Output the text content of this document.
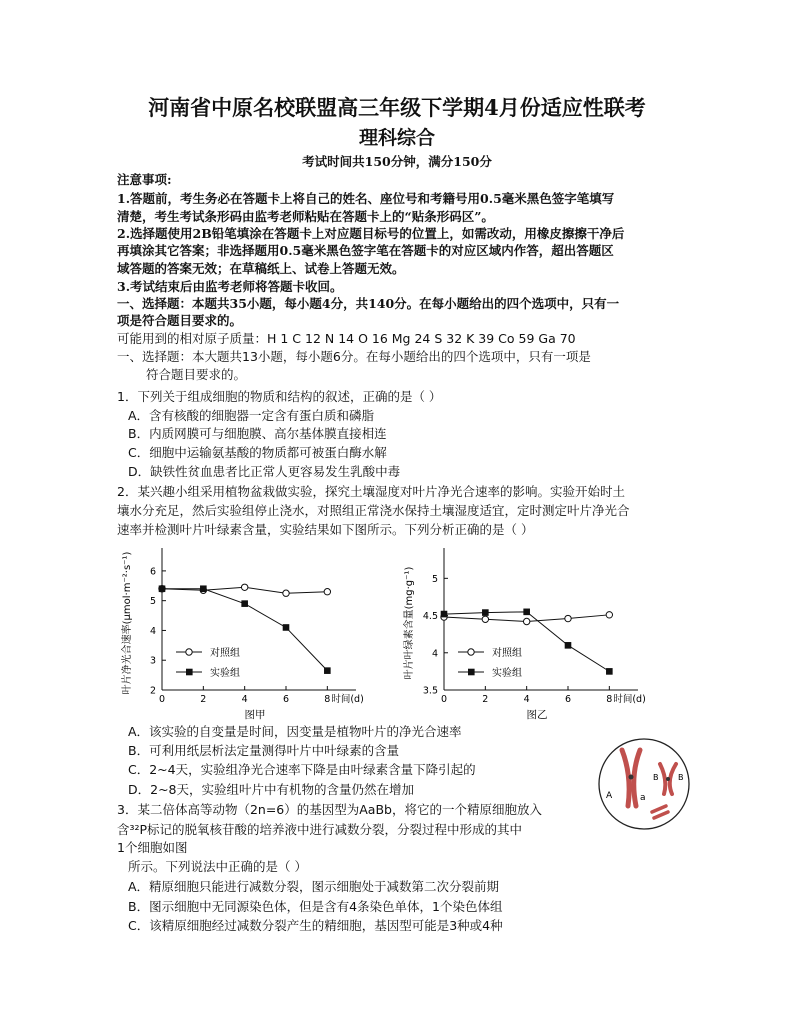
河南省中原名校联盟高三年级下学期4月份适应性联考
理科综合
考试时间共150分钟，满分150分
注意事项:
1.答题前，考生务必在答题卡上将自己的姓名、座位号和考籍号用0.5毫米黑色签字笔填写
清楚，考生考试条形码由监考老师粘贴在答题卡上的“贴条形码区”。
2.选择题使用2B铅笔填涂在答题卡上对应题目标号的位置上，如需改动，用橡皮擦擦干净后
再填涂其它答案；非选择题用0.5毫米黑色签字笔在答题卡的对应区域内作答，超出答题区
域答题的答案无效；在草稿纸上、试卷上答题无效。
3.考试结束后由监考老师将答题卡收回。
一、选择题：本题共35小题，每小题4分，共140分。在每小题给出的四个选项中，只有一
项是符合题目要求的。
可能用到的相对原子质量：H 1 C 12 N 14 O 16 Mg 24 S 32 K 39 Co 59 Ga 70
一、选择题：本大题共13小题，每小题6分。在每小题给出的四个选项中，只有一项是
符合题目要求的。
1．下列关于组成细胞的物质和结构的叙述，正确的是（ ）
A．含有核酸的细胞器一定含有蛋白质和磷脂
B．内质网膜可与细胞膜、高尔基体膜直接相连
C．细胞中运输氨基酸的物质都可被蛋白酶水解
D．缺铁性贫血患者比正常人更容易发生乳酸中毒
2．某兴趣小组采用植物盆栽做实验，探究土壤湿度对叶片净光合速率的影响。实验开始时土
壤水分充足，然后实验组停止浇水，对照组正常浇水保持土壤湿度适宜，定时测定叶片净光合
速率并检测叶片叶绿素含量，实验结果如下图所示。下列分析正确的是（ ）
2
3
4
5
6
0	2	4	6	8 时间(d)
叶片净光合速率(μmol·m⁻²·s⁻¹)
图甲
对照组
实验组
3.5
4
4.5
5
0	2	4	6	8 时间(d)
叶片叶绿素含量(mg·g⁻¹)
图乙
对照组
实验组
A．该实验的自变量是时间，因变量是植物叶片的净光合速率
B．可利用纸层析法定量测得叶片中叶绿素的含量
C．2~4天，实验组净光合速率下降是由叶绿素含量下降引起的
D．2~8天，实验组叶片中有机物的含量仍然在增加
3．某二倍体高等动物（2n=6）的基因型为AaBb，将它的一个精原细胞放入
含³²P标记的脱氧核苷酸的培养液中进行减数分裂，分裂过程中形成的其中
1个细胞如图
所示。下列说法中正确的是（ ）
A．精原细胞只能进行减数分裂，图示细胞处于减数第二次分裂前期
B．图示细胞中无同源染色体，但是含有4条染色单体，1个染色体组
C．该精原细胞经过减数分裂产生的精细胞，基因型可能是3种或4种
A	a
B B
